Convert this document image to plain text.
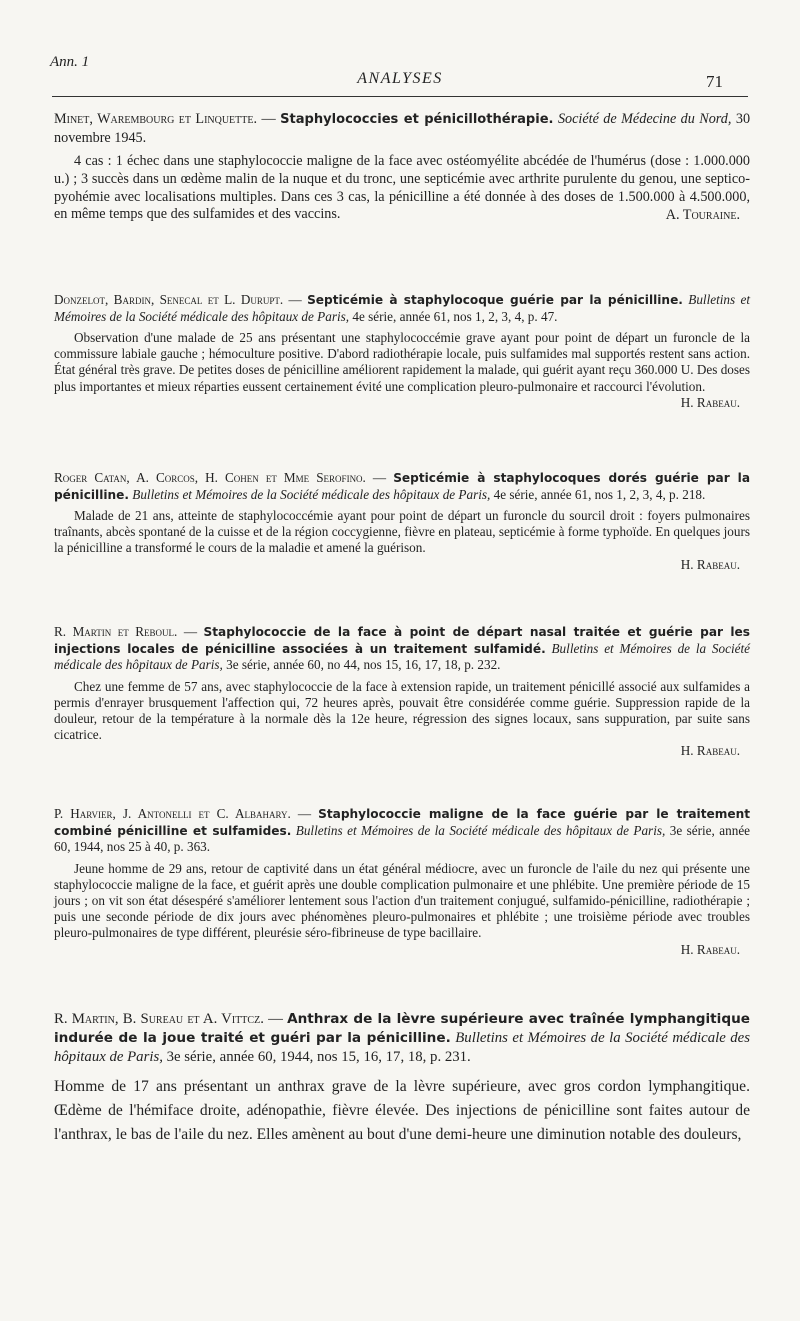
Ann. 1
ANALYSES	71

Minet, Warembourg et Linquette. — Staphylococcies et pénicillothérapie. Société de Médecine du Nord, 30 novembre 1945.

4 cas : 1 échec dans une staphylococcie maligne de la face avec ostéomyélite abcédée de l'humérus (dose : 1.000.000 u.) ; 3 succès dans un œdème malin de la nuque et du tronc, une septicémie avec arthrite purulente du genou, une septico-pyohémie avec localisations multiples. Dans ces 3 cas, la pénicilline a été donnée à des doses de 1.500.000 à 4.500.000, en même temps que des sulfamides et des vaccins.	A. Touraine.

Donzelot, Bardin, Senecal et L. Durupt. — Septicémie à staphylocoque guérie par la pénicilline. Bulletins et Mémoires de la Société médicale des hôpitaux de Paris, 4e série, année 61, nos 1, 2, 3, 4, p. 47.

Observation d'une malade de 25 ans présentant une staphylococcémie grave ayant pour point de départ un furoncle de la commissure labiale gauche ; hémoculture positive. D'abord radiothérapie locale, puis sulfamides mal supportés restent sans action. État général très grave. De petites doses de pénicilline améliorent rapidement la malade, qui guérit ayant reçu 360.000 U. Des doses plus importantes et mieux réparties eussent certainement évité une complication pleuro-pulmonaire et raccourci l'évolution.

H. Rabeau.

Roger Catan, A. Corcos, H. Cohen et Mme Serofino. — Septicémie à staphylocoques dorés guérie par la pénicilline. Bulletins et Mémoires de la Société médicale des hôpitaux de Paris, 4e série, année 61, nos 1, 2, 3, 4, p. 218.

Malade de 21 ans, atteinte de staphylococcémie ayant pour point de départ un furoncle du sourcil droit : foyers pulmonaires traînants, abcès spontané de la cuisse et de la région coccygienne, fièvre en plateau, septicémie à forme typhoïde. En quelques jours la pénicilline a transformé le cours de la maladie et amené la guérison.

H. Rabeau.

R. Martin et Reboul. — Staphylococcie de la face à point de départ nasal traitée et guérie par les injections locales de pénicilline associées à un traitement sulfamidé. Bulletins et Mémoires de la Société médicale des hôpitaux de Paris, 3e série, année 60, no 44, nos 15, 16, 17, 18, p. 232.

Chez une femme de 57 ans, avec staphylococcie de la face à extension rapide, un traitement pénicillé associé aux sulfamides a permis d'enrayer brusquement l'affection qui, 72 heures après, pouvait être considérée comme guérie. Suppression rapide de la douleur, retour de la température à la normale dès la 12e heure, régression des signes locaux, sans suppuration, par suite sans cicatrice.

H. Rabeau.

P. Harvier, J. Antonelli et C. Albahary. — Staphylococcie maligne de la face guérie par le traitement combiné pénicilline et sulfamides. Bulletins et Mémoires de la Société médicale des hôpitaux de Paris, 3e série, année 60, 1944, nos 25 à 40, p. 363.

Jeune homme de 29 ans, retour de captivité dans un état général médiocre, avec un furoncle de l'aile du nez qui présente une staphylococcie maligne de la face, et guérit après une double complication pulmonaire et une phlébite. Une première période de 15 jours ; on vit son état désespéré s'améliorer lentement sous l'action d'un traitement conjugué, sulfamido-pénicilline, radiothérapie ; puis une seconde période de dix jours avec phénomènes pleuro-pulmonaires et phlébite ; une troisième période avec troubles pleuro-pulmonaires de type différent, pleurésie séro-fibrineuse de type bacillaire.

H. Rabeau.

R. Martin, B. Sureau et A. Vittcz. — Anthrax de la lèvre supérieure avec traînée lymphangitique indurée de la joue traité et guéri par la pénicilline. Bulletins et Mémoires de la Société médicale des hôpitaux de Paris, 3e série, année 60, 1944, nos 15, 16, 17, 18, p. 231.

Homme de 17 ans présentant un anthrax grave de la lèvre supérieure, avec gros cordon lymphangitique. Œdème de l'hémiface droite, adénopathie, fièvre élevée. Des injections de pénicilline sont faites autour de l'anthrax, le bas de l'aile du nez. Elles amènent au bout d'une demi-heure une diminution notable des douleurs,
